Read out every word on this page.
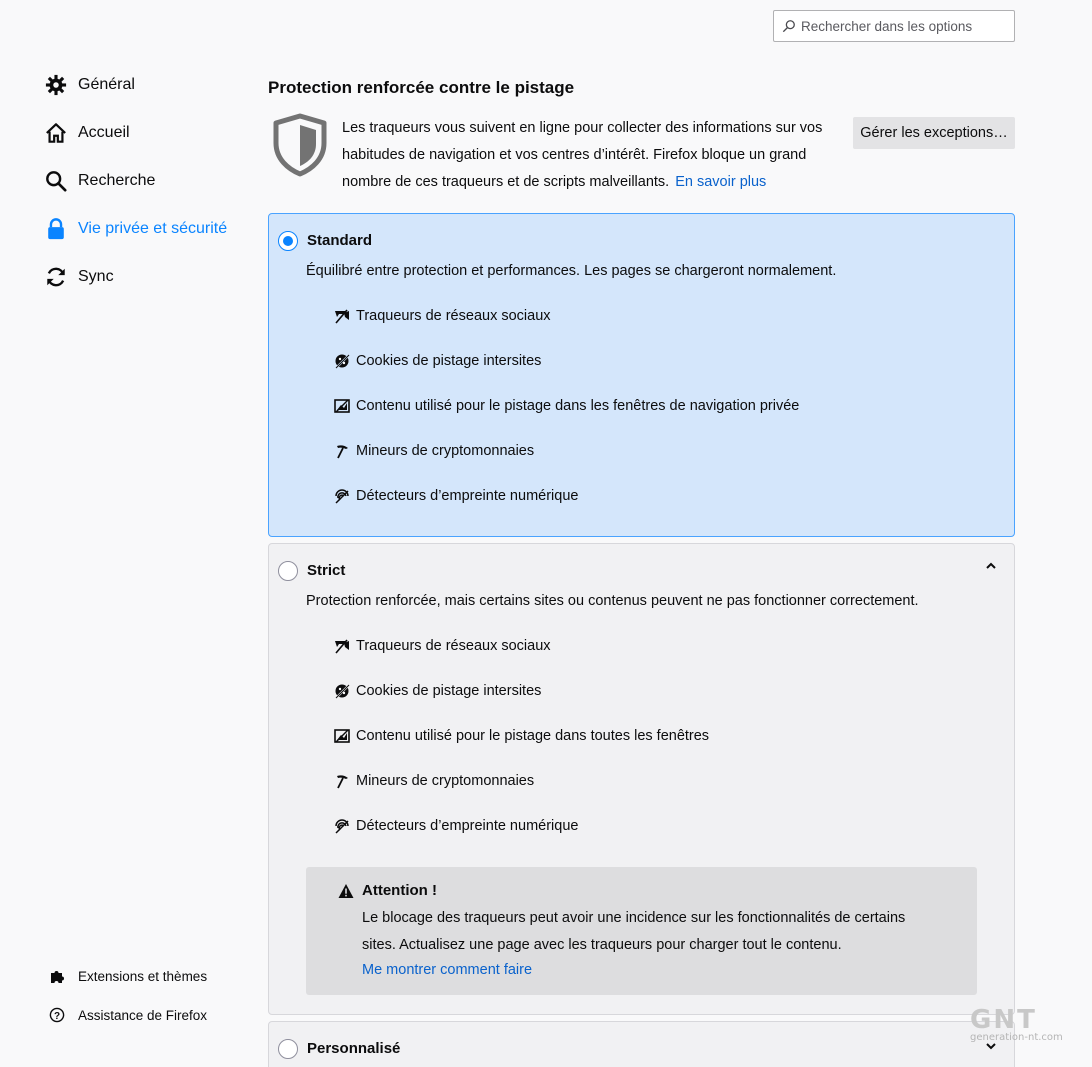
Rechercher dans les options
Général
Accueil
Recherche
Vie privée et sécurité
Sync
Extensions et thèmes
? Assistance de Firefox
Protection renforcée contre le pistage
Les traqueurs vous suivent en ligne pour collecter des informations sur vos habitudes de navigation et vos centres d’intérêt. Firefox bloque un grand nombre de ces traqueurs et de scripts malveillants. En savoir plus
Gérer les exceptions…
Standard
Équilibré entre protection et performances. Les pages se chargeront normalement.
Traqueurs de réseaux sociaux
Cookies de pistage intersites
Contenu utilisé pour le pistage dans les fenêtres de navigation privée
Mineurs de cryptomonnaies
Détecteurs d’empreinte numérique
Strict
Protection renforcée, mais certains sites ou contenus peuvent ne pas fonctionner correctement.
Traqueurs de réseaux sociaux
Cookies de pistage intersites
Contenu utilisé pour le pistage dans toutes les fenêtres
Mineurs de cryptomonnaies
Détecteurs d’empreinte numérique
Attention !
Le blocage des traqueurs peut avoir une incidence sur les fonctionnalités de certains sites. Actualisez une page avec les traqueurs pour charger tout le contenu.
Me montrer comment faire
Personnalisé
GNT
generation-nt.com
